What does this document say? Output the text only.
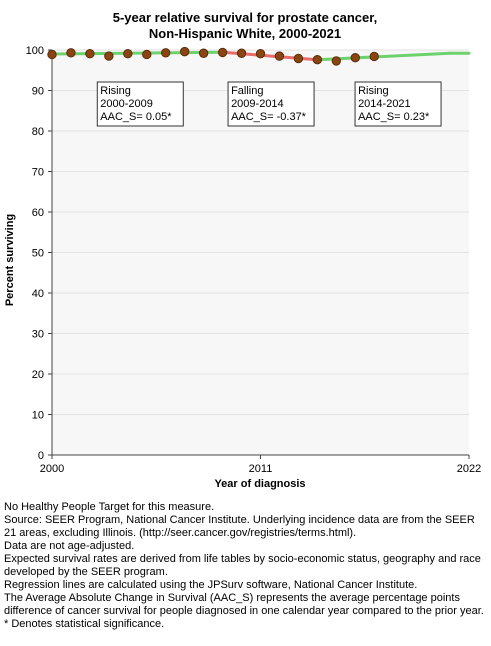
5-year relative survival for prostate cancer,
Non-Hispanic White, 2000-2021
0
10
20
30
40
50
60
70
80
90
100
2000	2011	2022
Rising
2000-2009
AAC_S= 0.05*
Falling
2009-2014
AAC_S= -0.37*
Rising
2014-2021
AAC_S= 0.23*
Year of diagnosis
Percent surviving
No Healthy People Target for this measure.
Source: SEER Program, National Cancer Institute. Underlying incidence data are from the SEER 21 areas, excluding Illinois. (http://seer.cancer.gov/registries/terms.html).
Data are not age-adjusted.
Expected survival rates are derived from life tables by socio-economic status, geography and race developed by the SEER program.
Regression lines are calculated using the JPSurv software, National Cancer Institute.
The Average Absolute Change in Survival (AAC_S) represents the average percentage points difference of cancer survival for people diagnosed in one calendar year compared to the prior year.
* Denotes statistical significance.
